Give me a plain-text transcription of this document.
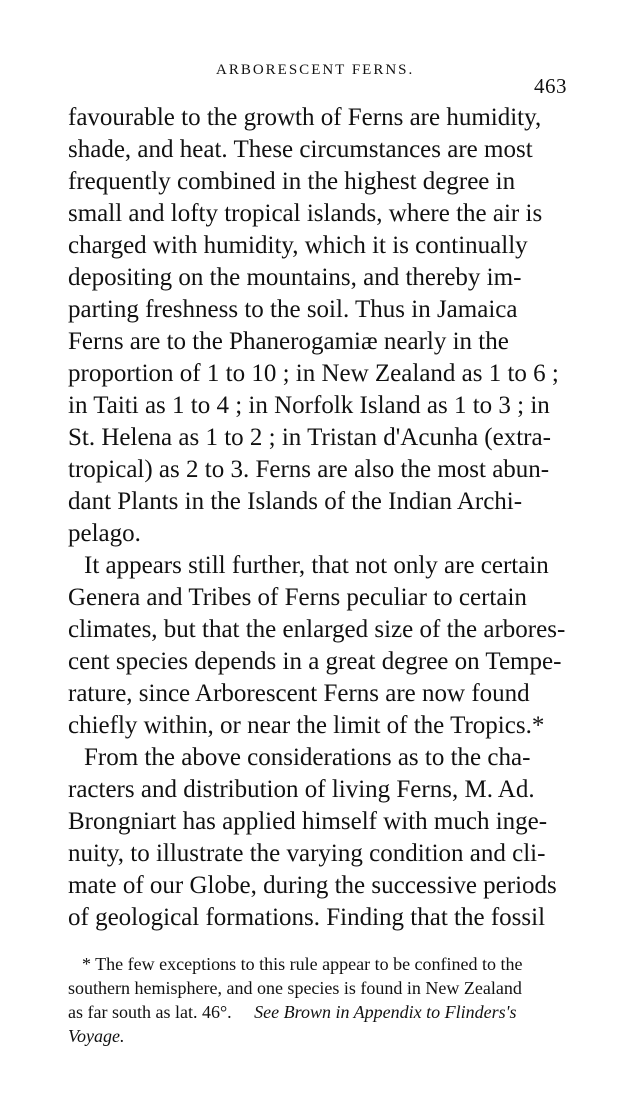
ARBORESCENT FERNS.
463
favourable to the growth of Ferns are humidity,
shade, and heat. These circumstances are most
frequently combined in the highest degree in
small and lofty tropical islands, where the air is
charged with humidity, which it is continually
depositing on the mountains, and thereby im-
parting freshness to the soil. Thus in Jamaica
Ferns are to the Phanerogamiæ nearly in the
proportion of 1 to 10 ; in New Zealand as 1 to 6 ;
in Taiti as 1 to 4 ; in Norfolk Island as 1 to 3 ; in
St. Helena as 1 to 2 ; in Tristan d'Acunha (extra-
tropical) as 2 to 3. Ferns are also the most abun-
dant Plants in the Islands of the Indian Archi-
pelago.
It appears still further, that not only are certain
Genera and Tribes of Ferns peculiar to certain
climates, but that the enlarged size of the arbores-
cent species depends in a great degree on Tempe-
rature, since Arborescent Ferns are now found
chiefly within, or near the limit of the Tropics.*
From the above considerations as to the cha-
racters and distribution of living Ferns, M. Ad.
Brongniart has applied himself with much inge-
nuity, to illustrate the varying condition and cli-
mate of our Globe, during the successive periods
of geological formations. Finding that the fossil
* The few exceptions to this rule appear to be confined to the
southern hemisphere, and one species is found in New Zealand
as far south as lat. 46°. See Brown in Appendix to Flinders's
Voyage.
